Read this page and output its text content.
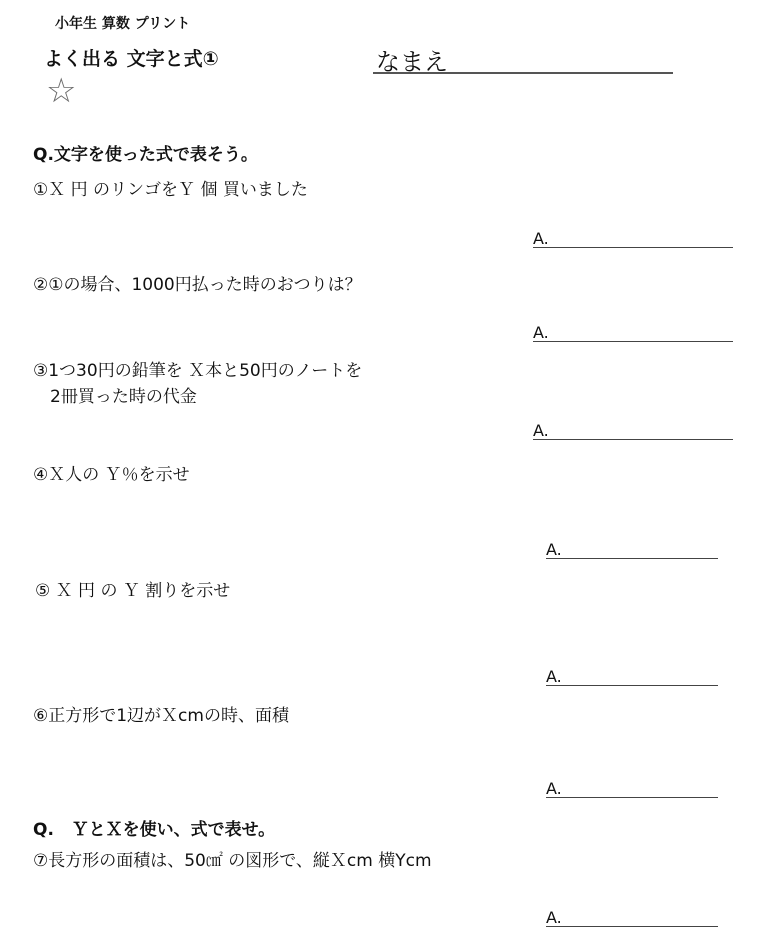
小年生 算数 プリント
よく出る 文字と式①	なまえ
☆
Q.文字を使った式で表そう。
①Ｘ 円 のリンゴをＹ 個 買いました
A.
②①の場合、1000円払った時のおつりは？
A.
③1つ30円の鉛筆を Ｘ本と50円のノートを
2冊買った時の代金
A.
④Ｘ人の Ｙ％を示せ
A.
⑤ Ｘ 円 の Ｙ 割りを示せ
A.
⑥正方形で1辺がＸcmの時、面積
A.
Q.   ＹとＸを使い、式で表せ。
⑦長方形の面積は、50㎠ の図形で、縦Ｘcm 横Ycm
A.
